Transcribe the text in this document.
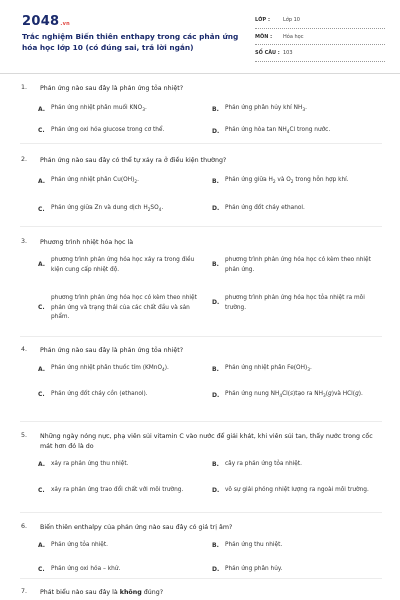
2048.vn
Trắc nghiệm Biến thiên enthapy trong các phản ứng hóa học lớp 10 (có đúng sai, trả lời ngắn)
LỚP :	Lớp 10
MÔN : Hóa học
SỐ CÂU : 103
1. Phản ứng nào sau đây là phản ứng tỏa nhiệt?
A. Phản ứng nhiệt phân muối $KNO_3$.	B. Phản ứng phân hủy khí $NH_3$.
C. Phản ứng oxi hóa glucose trong cơ thể.	D. Phản ứng hòa $\tan NH_4Cl$ trong nước.
2. Phản ứng nào sau đây có thể tự xảy ra ở điều kiện thường?
A. Phản ứng nhiệt phân $Cu(OH)_2$.	B. Phản ứng giữa $H_2$ và $O_2$ trong hỗn hợp khí.
C. Phản ứng giữa Zn và dung dịch $H_2SO_4$.	D. Phản ứng đốt cháy ethanol.
3. Phương trình nhiệt hóa học là
A.
phương trình phản ứng hóa học xảy ra trong điều kiện cung cấp nhiệt độ.
B.
phương trình phản ứng hóa học có kèm theo nhiệt phản ứng.
C.
phương trình phản ứng hóa học có kèm theo nhiệt phản ứng và trạng thái của các chất đầu và sản phẩm.
D.
phương trình phản ứng hóa học tỏa nhiệt ra môi trường.
4. Phản ứng nào sau đây là phản ứng tỏa nhiệt?
A. Phản ứng nhiệt phân thuốc tím (KMnO$_4$).	B. Phản ứng nhiệt phân $Fe(OH)_3$.
C. Phản ứng đốt cháy cồn (ethanol).	D. Phản ứng nung $NH_4Cl(s)tạo$ ra $NH_3(g)và$ HCl(g).
5. Những ngày nóng nực, phạ viên sủi vitamin C vào nước để giải khát, khi viên sủi tan, thấy nước trong cốc mát hơn đó là do
A. xảy ra phản ứng thu nhiệt.	B. cây ra phản ứng tỏa nhiệt.
C. xảy ra phản ứng trao đổi chất với môi trường.	D. vô sự giải phóng nhiệt lượng ra ngoài môi trường.
6. Biến thiên enthalpy của phản ứng nào sau đây có giá trị âm?
A. Phản ứng tỏa nhiệt.	B. Phản ứng thu nhiệt.
C. Phản ứng oxi hóa – khử.	D. Phản ứng phân hủy.
7. Phát biểu nào sau đây là không đúng?
